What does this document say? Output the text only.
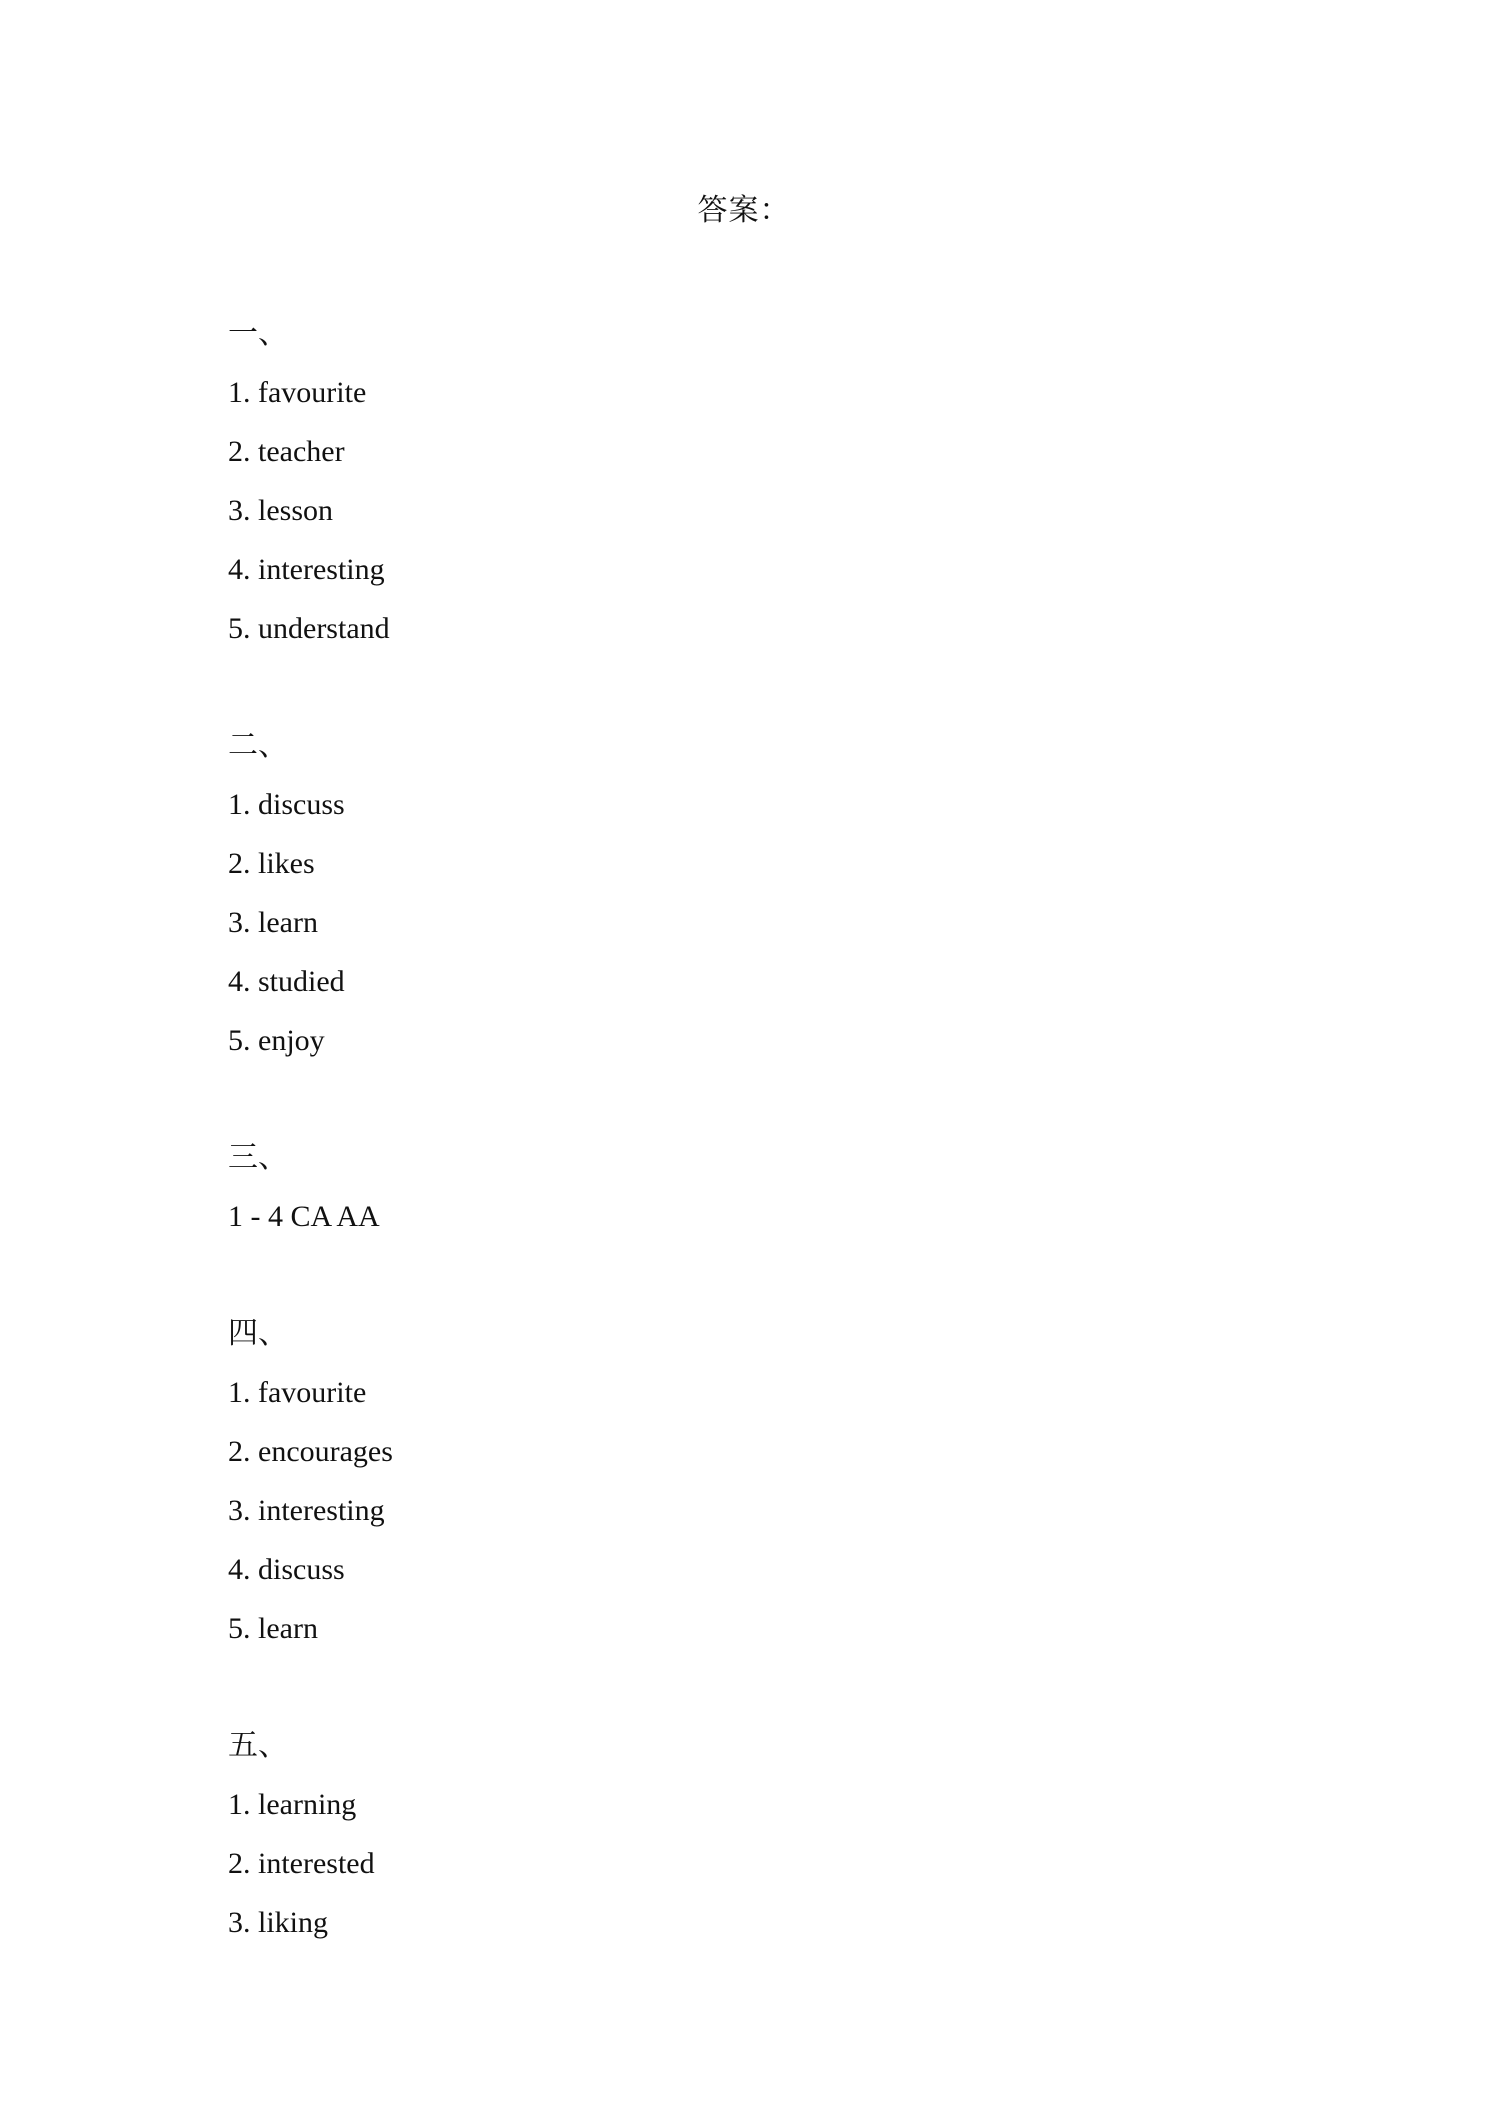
答案：
一、
1. favourite
2. teacher
3. lesson
4. interesting
5. understand
二、
1. discuss
2. likes
3. learn
4. studied
5. enjoy
三、
1 - 4 CA AA
四、
1. favourite
2. encourages
3. interesting
4. discuss
5. learn
五、
1. learning
2. interested
3. liking
